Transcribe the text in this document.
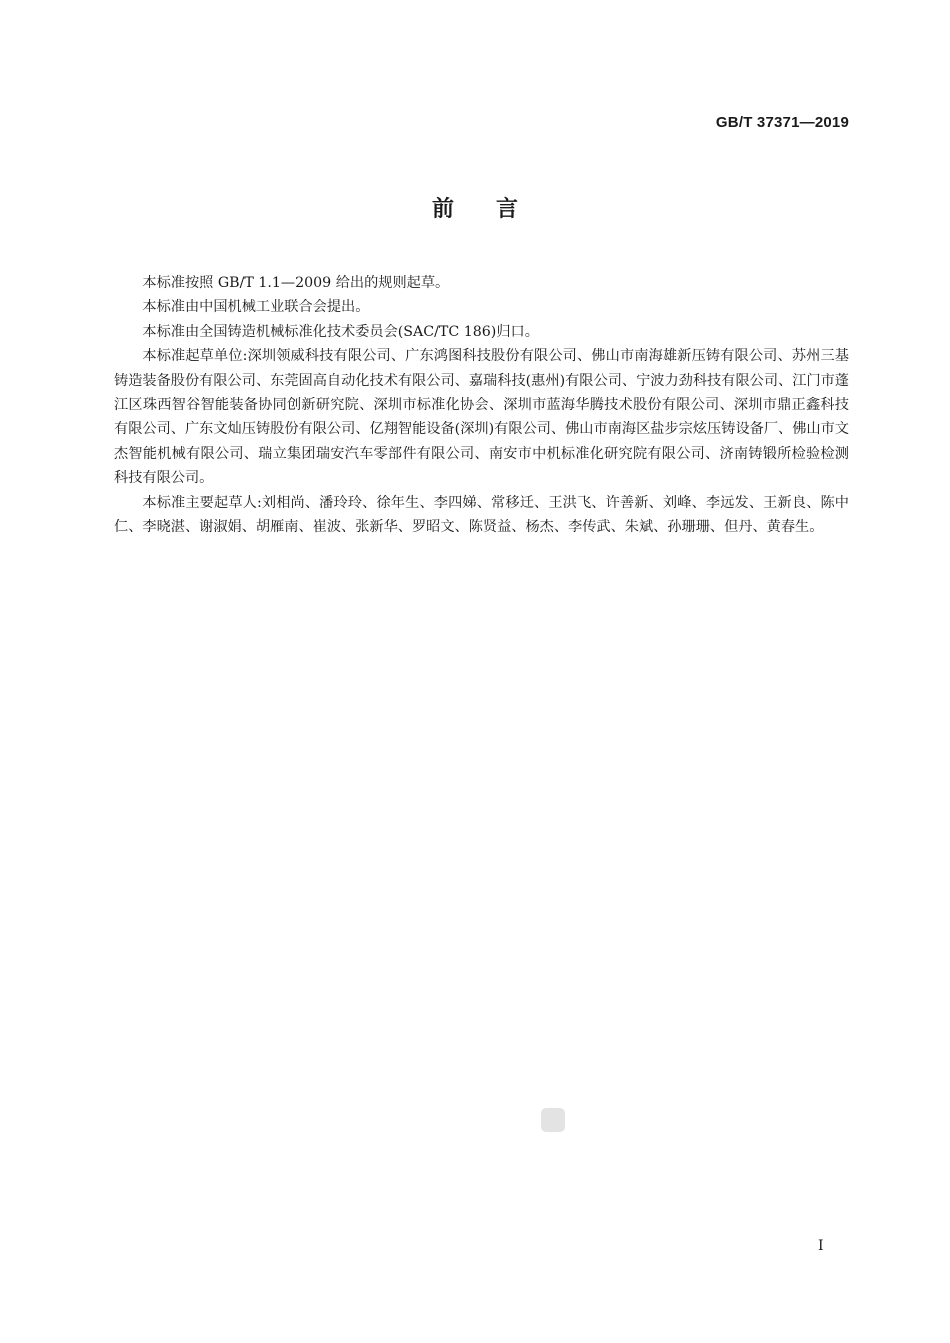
GB/T 37371—2019
前言

本标准按照 GB/T 1.1—2009 给出的规则起草。

本标准由中国机械工业联合会提出。

本标准由全国铸造机械标准化技术委员会(SAC/TC 186)归口。

本标准起草单位:深圳领威科技有限公司、广东鸿图科技股份有限公司、佛山市南海雄新压铸有限公司、苏州三基铸造装备股份有限公司、东莞固高自动化技术有限公司、嘉瑞科技(惠州)有限公司、宁波力劲科技有限公司、江门市蓬江区珠西智谷智能装备协同创新研究院、深圳市标准化协会、深圳市蓝海华腾技术股份有限公司、深圳市鼎正鑫科技有限公司、广东文灿压铸股份有限公司、亿翔智能设备(深圳)有限公司、佛山市南海区盐步宗炫压铸设备厂、佛山市文杰智能机械有限公司、瑞立集团瑞安汽车零部件有限公司、南安市中机标准化研究院有限公司、济南铸锻所检验检测科技有限公司。

本标准主要起草人:刘相尚、潘玲玲、徐年生、李四娣、常移迁、王洪飞、许善新、刘峰、李远发、王新良、陈中仁、李晓湛、谢淑娟、胡雁南、崔波、张新华、罗昭文、陈贤益、杨杰、李传武、朱斌、孙珊珊、但丹、黄春生。

I
